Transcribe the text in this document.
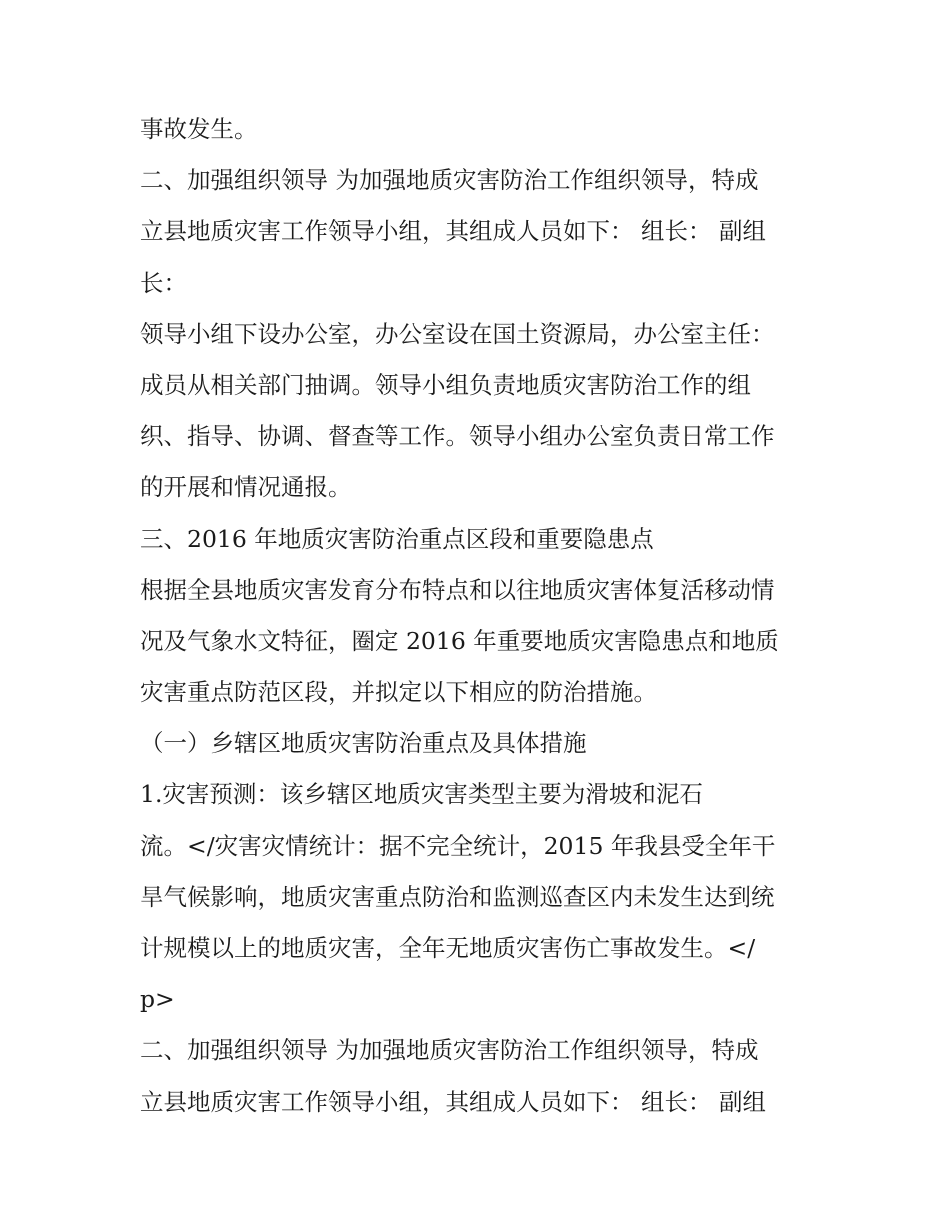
事故发生。
二、加强组织领导 为加强地质灾害防治工作组织领导，特成
立县地质灾害工作领导小组，其组成人员如下： 组长： 副组
长：
领导小组下设办公室，办公室设在国土资源局，办公室主任：
成员从相关部门抽调。领导小组负责地质灾害防治工作的组
织、指导、协调、督查等工作。领导小组办公室负责日常工作
的开展和情况通报。
三、2016 年地质灾害防治重点区段和重要隐患点
根据全县地质灾害发育分布特点和以往地质灾害体复活移动情
况及气象水文特征，圈定 2016 年重要地质灾害隐患点和地质
灾害重点防范区段，并拟定以下相应的防治措施。
（一）乡辖区地质灾害防治重点及具体措施
1.灾害预测：该乡辖区地质灾害类型主要为滑坡和泥石
流。</灾害灾情统计：据不完全统计，2015 年我县受全年干
旱气候影响，地质灾害重点防治和监测巡查区内未发生达到统
计规模以上的地质灾害，全年无地质灾害伤亡事故发生。</
p>
二、加强组织领导 为加强地质灾害防治工作组织领导，特成
立县地质灾害工作领导小组，其组成人员如下： 组长： 副组
